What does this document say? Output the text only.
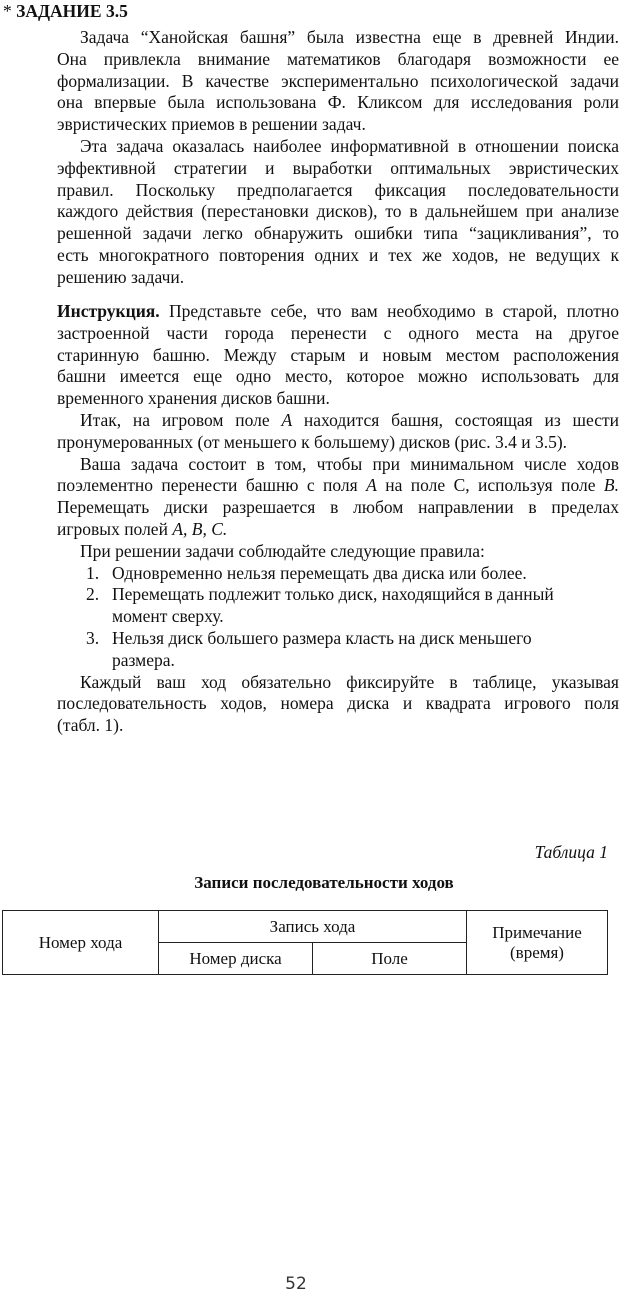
* ЗАДАНИЕ 3.5
Задача “Ханойская башня” была известна еще в древней Индии.
Она привлекла внимание математиков благодаря возможности ее
формализации. В качестве экспериментально психологической задачи
она впервые была использована Ф. Кликсом для исследования роли
эвристических приемов в решении задач.
Эта задача оказалась наиболее информативной в отношении поиска
эффективной стратегии и выработки оптимальных эвристических
правил. Поскольку предполагается фиксация последовательности
каждого действия (перестановки дисков), то в дальнейшем при анализе
решенной задачи легко обнаружить ошибки типа “зацикливания”, то
есть многократного повторения одних и тех же ходов, не ведущих к
решению задачи.
Инструкция. Представьте себе, что вам необходимо в старой, плотно
застроенной части города перенести с одного места на другое
старинную башню. Между старым и новым местом расположения
башни имеется еще одно место, которое можно использовать для
временного хранения дисков башни.
Итак, на игровом поле A находится башня, состоящая из шести
пронумерованных (от меньшего к большему) дисков (рис. 3.4 и 3.5).
Ваша задача состоит в том, чтобы при минимальном числе ходов
поэлементно перенести башню с поля A на поле С, используя поле B.
Перемещать диски разрешается в любом направлении в пределах
игровых полей A, B, C.
При решении задачи соблюдайте следующие правила:
1. Одновременно нельзя перемещать два диска или более.
2. Перемещать подлежит только диск, находящийся в данный
момент сверху.
3. Нельзя диск большего размера класть на диск меньшего
размера.
Каждый ваш ход обязательно фиксируйте в таблице, указывая
последовательность ходов, номера диска и квадрата игрового поля
(табл. 1).
Таблица 1
Записи последовательности ходов
Номер хода	Запись хода		Примечание
(время)

	Номер диска	Поле	
52
